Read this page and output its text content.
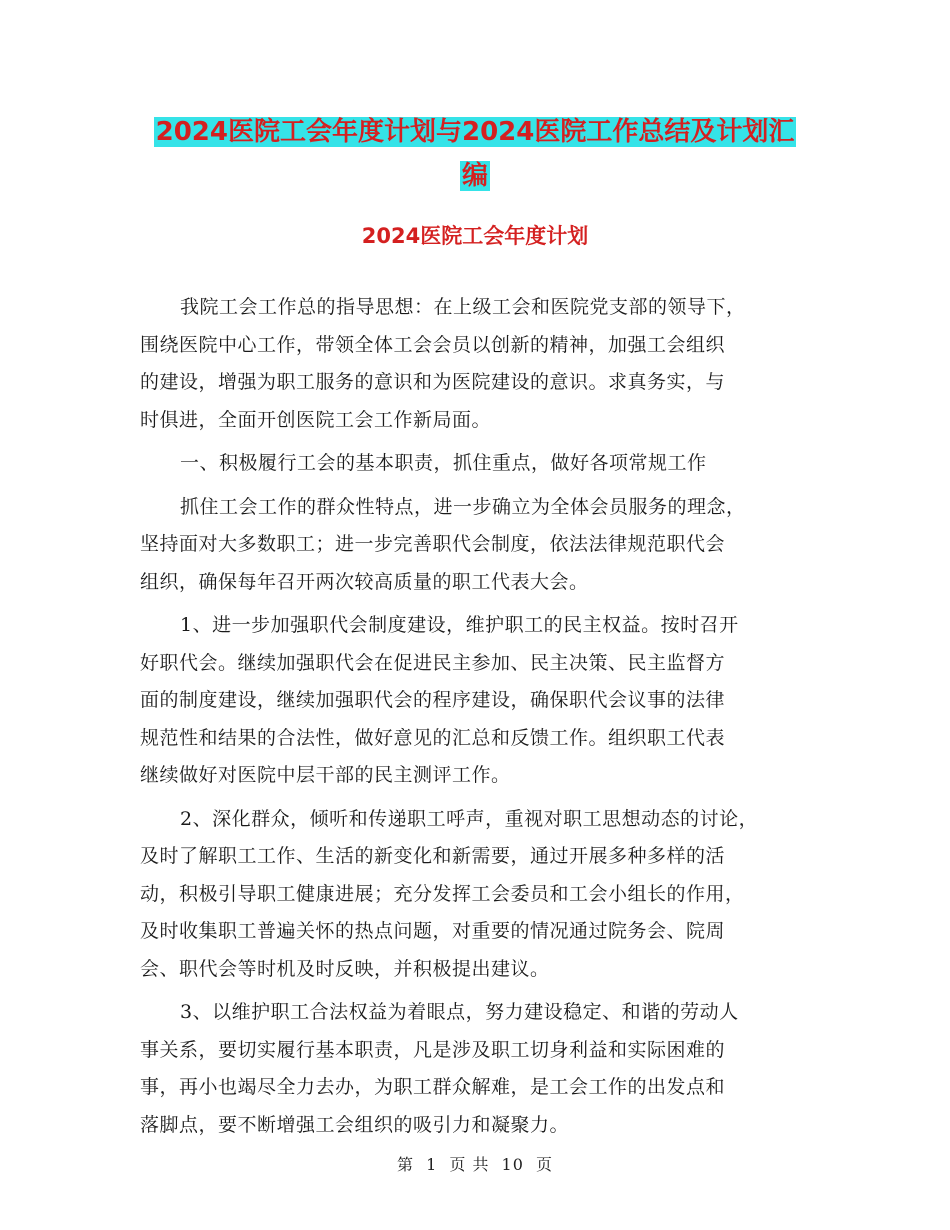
2024医院工会年度计划与2024医院工作总结及计划汇
编
2024医院工会年度计划
我院工会工作总的指导思想：在上级工会和医院党支部的领导下，
围绕医院中心工作，带领全体工会会员以创新的精神，加强工会组织
的建设，增强为职工服务的意识和为医院建设的意识。求真务实，与
时俱进，全面开创医院工会工作新局面。
一、积极履行工会的基本职责，抓住重点，做好各项常规工作
抓住工会工作的群众性特点，进一步确立为全体会员服务的理念，
坚持面对大多数职工；进一步完善职代会制度，依法法律规范职代会
组织，确保每年召开两次较高质量的职工代表大会。
1、进一步加强职代会制度建设，维护职工的民主权益。按时召开
好职代会。继续加强职代会在促进民主参加、民主决策、民主监督方
面的制度建设，继续加强职代会的程序建设，确保职代会议事的法律
规范性和结果的合法性，做好意见的汇总和反馈工作。组织职工代表
继续做好对医院中层干部的民主测评工作。
2、深化群众，倾听和传递职工呼声，重视对职工思想动态的讨论，
及时了解职工工作、生活的新变化和新需要，通过开展多种多样的活
动，积极引导职工健康进展；充分发挥工会委员和工会小组长的作用，
及时收集职工普遍关怀的热点问题，对重要的情况通过院务会、院周
会、职代会等时机及时反映，并积极提出建议。
3、以维护职工合法权益为着眼点，努力建设稳定、和谐的劳动人
事关系，要切实履行基本职责，凡是涉及职工切身利益和实际困难的
事，再小也竭尽全力去办，为职工群众解难，是工会工作的出发点和
落脚点，要不断增强工会组织的吸引力和凝聚力。
第 1 页 共 10 页
